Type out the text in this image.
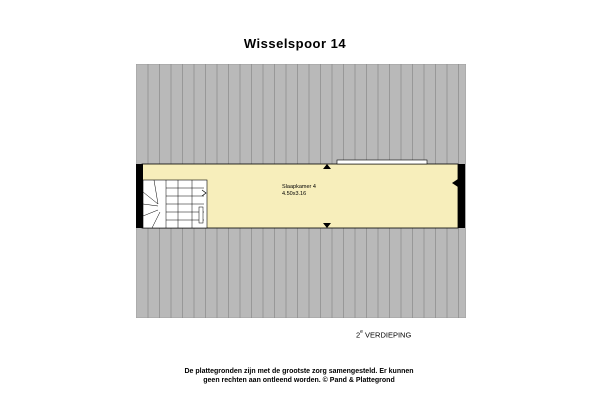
Wisselspoor 14
Slaapkamer 4
4.50x3.16
2e VERDIEPING
De plattegronden zijn met de grootste zorg samengesteld. Er kunnen
geen rechten aan ontleend worden. © Pand & Plattegrond
